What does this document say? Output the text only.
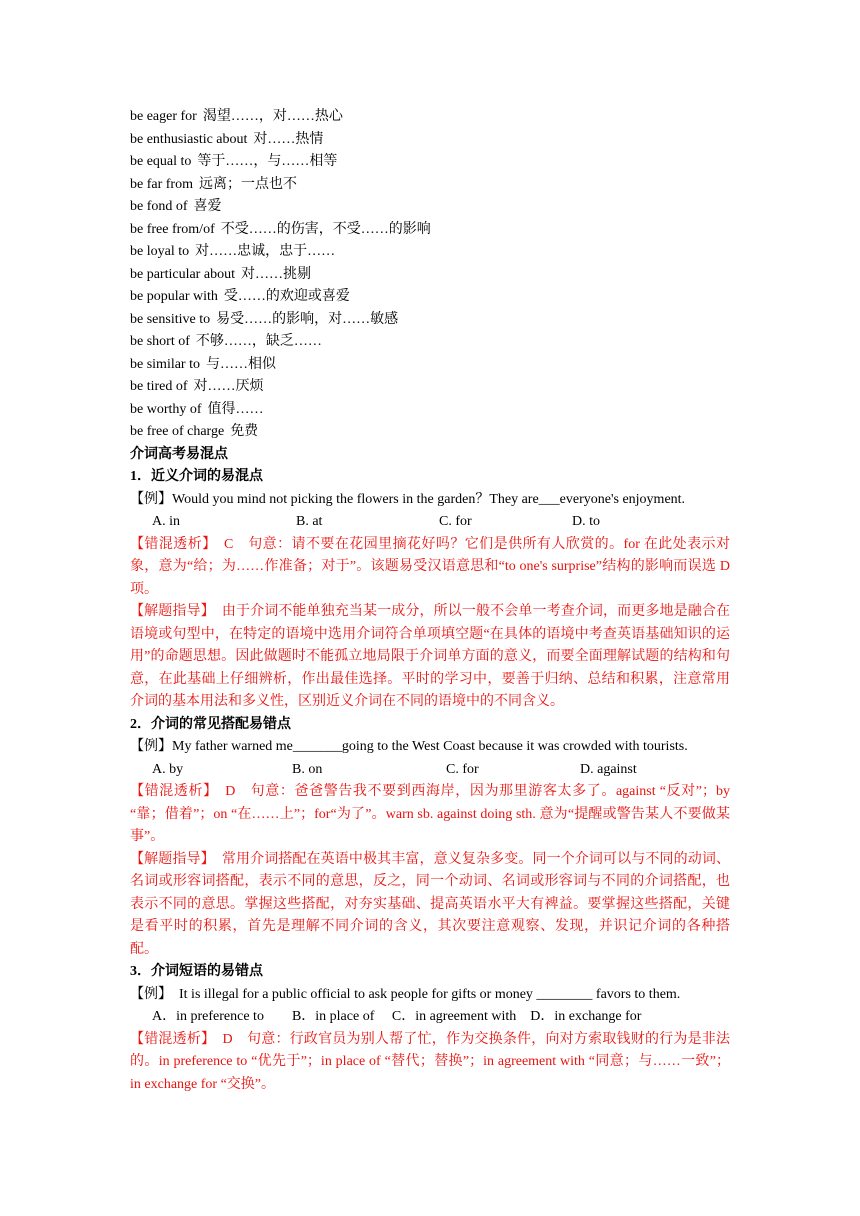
be eager for 渴望……，对……热心
be enthusiastic about 对……热情
be equal to 等于……，与……相等
be far from 远离；一点也不
be fond of 喜爱
be free from/of 不受……的伤害，不受……的影响
be loyal to 对……忠诚，忠于……
be particular about 对……挑剔
be popular with 受……的欢迎或喜爱
be sensitive to 易受……的影响，对……敏感
be short of 不够……，缺乏……
be similar to 与……相似
be tired of 对……厌烦
be worthy of 值得……
be free of charge 免费
介词高考易混点
1．近义介词的易混点
【例】Would you mind not picking the flowers in the garden？They are___everyone's enjoyment.
A. in	B. at	C. for	D. to
【错混透析】　C　句意：请不要在花园里摘花好吗？它们是供所有人欣赏的。for 在此处表示对象，意为“给；为……作准备；对于”。该题易受汉语意思和“to one's surprise”结构的影响而误选 D 项。
【解题指导】　由于介词不能单独充当某一成分，所以一般不会单一考查介词，而更多地是融合在语境或句型中，在特定的语境中选用介词符合单项填空题“在具体的语境中考查英语基础知识的运用”的命题思想。因此做题时不能孤立地局限于介词单方面的意义，而要全面理解试题的结构和句意，在此基础上仔细辨析，作出最佳选择。平时的学习中，要善于归纳、总结和积累，注意常用介词的基本用法和多义性，区别近义介词在不同的语境中的不同含义。
2．介词的常见搭配易错点
【例】My father warned me_______going to the West Coast because it was crowded with tourists.
A. by	B. on	C. for	D. against
【错混透析】　D　句意：爸爸警告我不要到西海岸，因为那里游客太多了。against “反对”；by “靠；借着”；on “在……上”；for“为了”。warn sb. against doing sth. 意为“提醒或警告某人不要做某事”。
【解题指导】　常用介词搭配在英语中极其丰富，意义复杂多变。同一个介词可以与不同的动词、名词或形容词搭配，表示不同的意思，反之，同一个动词、名词或形容词与不同的介词搭配，也表示不同的意思。掌握这些搭配，对夯实基础、提高英语水平大有裨益。要掌握这些搭配，关键是看平时的积累，首先是理解不同介词的含义，其次要注意观察、发现，并识记介词的各种搭配。
3．介词短语的易错点
【例】　It is illegal for a public official to ask people for gifts or money ________ favors to them.
A．in preference to　　B．in place of　 C．in agreement with　D．in exchange for
【错混透析】　D　句意：行政官员为别人帮了忙，作为交换条件，向对方索取钱财的行为是非法的。in preference to “优先于”；in place of “替代；替换”；in agreement with “同意；与……一致”；in exchange for “交换”。
